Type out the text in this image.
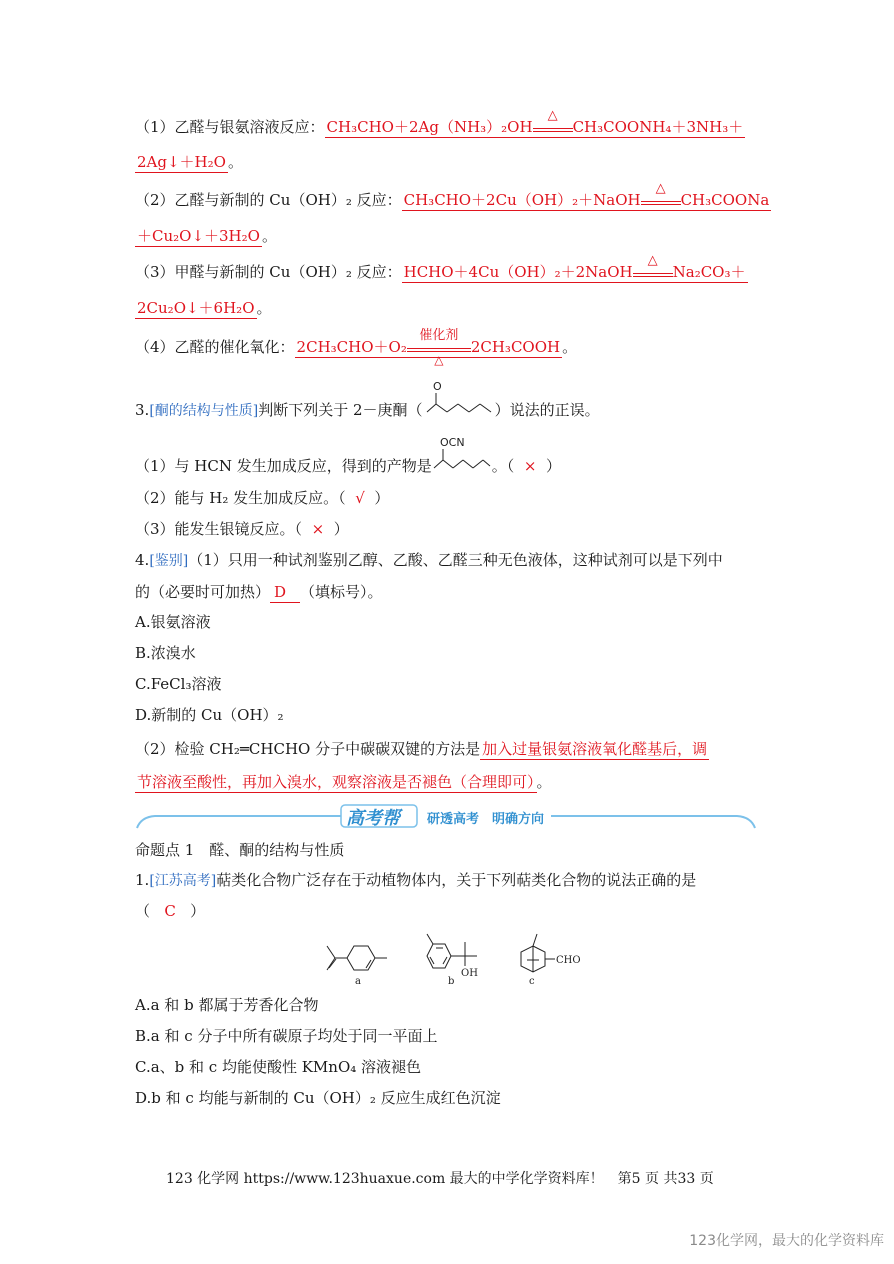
（1）乙醛与银氨溶液反应： CH₃CHO＋2Ag（NH₃）₂OH
△
CH₃COONH₄＋3NH₃＋
2Ag↓＋H₂O 。
（2）乙醛与新制的 Cu（OH）₂ 反应： CH₃CHO＋2Cu（OH）₂＋NaOH
△
CH₃COONa
＋Cu₂O↓＋3H₂O 。
（3）甲醛与新制的 Cu（OH）₂ 反应： HCHO＋4Cu（OH）₂＋2NaOH
△
Na₂CO₃＋
2Cu₂O↓＋6H₂O 。
（4）乙醛的催化氧化： 2CH₃CHO＋O₂
催化剂
△
2CH₃COOH 。
3.[酮的结构与性质]判断下列关于 2－庚酮（
O
）说法的正误。
（1）与 HCN 发生加成反应，得到的产物是
OCN
。（ × ）
（2）能与 H₂ 发生加成反应。（ √ ）
（3）能发生银镜反应。（ × ）
4.[鉴别]（1）只用一种试剂鉴别乙醇、乙酸、乙醛三种无色液体，这种试剂可以是下列中
的（必要时可加热） D （填标号）。
A.银氨溶液
B.浓溴水
C.FeCl₃溶液
D.新制的 Cu（OH）₂
（2）检验 CH₂═CHCHO 分子中碳碳双键的方法是 加入过量银氨溶液氧化醛基后，调
节溶液至酸性，再加入溴水，观察溶液是否褪色（合理即可） 。
高考帮 研透高考　明确方向
命题点 1　醛、酮的结构与性质
1.[江苏高考]萜类化合物广泛存在于动植物体内，关于下列萜类化合物的说法正确的是
（ C ）
a
OH
b
CHO
c
A.a 和 b 都属于芳香化合物
B.a 和 c 分子中所有碳原子均处于同一平面上
C.a、b 和 c 均能使酸性 KMnO₄ 溶液褪色
D.b 和 c 均能与新制的 Cu（OH）₂ 反应生成红色沉淀
123 化学网 https://www.123huaxue.com 最大的中学化学资料库！　第5 页 共33 页
123化学网，最大的化学资料库
